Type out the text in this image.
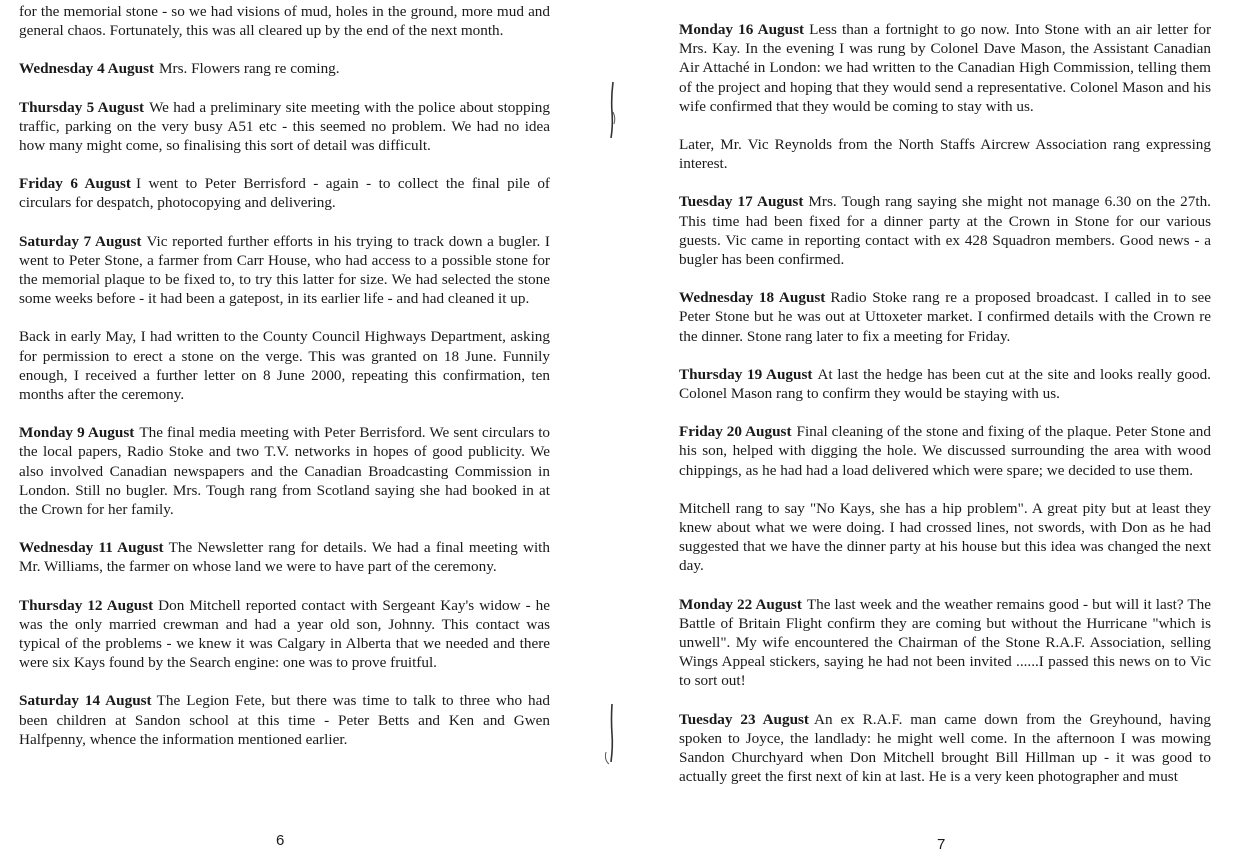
for the memorial stone - so we had visions of mud, holes in the ground, more mud and general chaos. Fortunately, this was all cleared up by the end of the next month.

Wednesday 4 August Mrs. Flowers rang re coming.

Thursday 5 August We had a preliminary site meeting with the police about stopping traffic, parking on the very busy A51 etc - this seemed no problem. We had no idea how many might come, so finalising this sort of detail was difficult.

Friday 6 August I went to Peter Berrisford - again - to collect the final pile of circulars for despatch, photocopying and delivering.

Saturday 7 August Vic reported further efforts in his trying to track down a bugler. I went to Peter Stone, a farmer from Carr House, who had access to a possible stone for the memorial plaque to be fixed to, to try this latter for size. We had selected the stone some weeks before - it had been a gatepost, in its earlier life - and had cleaned it up.

Back in early May, I had written to the County Council Highways Department, asking for permission to erect a stone on the verge. This was granted on 18 June. Funnily enough, I received a further letter on 8 June 2000, repeating this confirmation, ten months after the ceremony.

Monday 9 August The final media meeting with Peter Berrisford. We sent circulars to the local papers, Radio Stoke and two T.V. networks in hopes of good publicity. We also involved Canadian newspapers and the Canadian Broadcasting Commission in London. Still no bugler. Mrs. Tough rang from Scotland saying she had booked in at the Crown for her family.

Wednesday 11 August The Newsletter rang for details. We had a final meeting with Mr. Williams, the farmer on whose land we were to have part of the ceremony.

Thursday 12 August Don Mitchell reported contact with Sergeant Kay's widow - he was the only married crewman and had a year old son, Johnny. This contact was typical of the problems - we knew it was Calgary in Alberta that we needed and there were six Kays found by the Search engine: one was to prove fruitful.

Saturday 14 August The Legion Fete, but there was time to talk to three who had been children at Sandon school at this time - Peter Betts and Ken and Gwen Halfpenny, whence the information mentioned earlier.

6

Monday 16 August Less than a fortnight to go now. Into Stone with an air letter for Mrs. Kay. In the evening I was rung by Colonel Dave Mason, the Assistant Canadian Air Attaché in London: we had written to the Canadian High Commission, telling them of the project and hoping that they would send a representative. Colonel Mason and his wife confirmed that they would be coming to stay with us.

Later, Mr. Vic Reynolds from the North Staffs Aircrew Association rang expressing interest.

Tuesday 17 August Mrs. Tough rang saying she might not manage 6.30 on the 27th. This time had been fixed for a dinner party at the Crown in Stone for our various guests. Vic came in reporting contact with ex 428 Squadron members. Good news - a bugler has been confirmed.

Wednesday 18 August Radio Stoke rang re a proposed broadcast. I called in to see Peter Stone but he was out at Uttoxeter market. I confirmed details with the Crown re the dinner. Stone rang later to fix a meeting for Friday.

Thursday 19 August At last the hedge has been cut at the site and looks really good. Colonel Mason rang to confirm they would be staying with us.

Friday 20 August Final cleaning of the stone and fixing of the plaque. Peter Stone and his son, helped with digging the hole. We discussed surrounding the area with wood chippings, as he had had a load delivered which were spare; we decided to use them.

Mitchell rang to say "No Kays, she has a hip problem". A great pity but at least they knew about what we were doing. I had crossed lines, not swords, with Don as he had suggested that we have the dinner party at his house but this idea was changed the next day.

Monday 22 August The last week and the weather remains good - but will it last? The Battle of Britain Flight confirm they are coming but without the Hurricane "which is unwell". My wife encountered the Chairman of the Stone R.A.F. Association, selling Wings Appeal stickers, saying he had not been invited ......I passed this news on to Vic to sort out!

Tuesday 23 August An ex R.A.F. man came down from the Greyhound, having spoken to Joyce, the landlady: he might well come. In the afternoon I was mowing Sandon Churchyard when Don Mitchell brought Bill Hillman up - it was good to actually greet the first next of kin at last. He is a very keen photographer and must

7
